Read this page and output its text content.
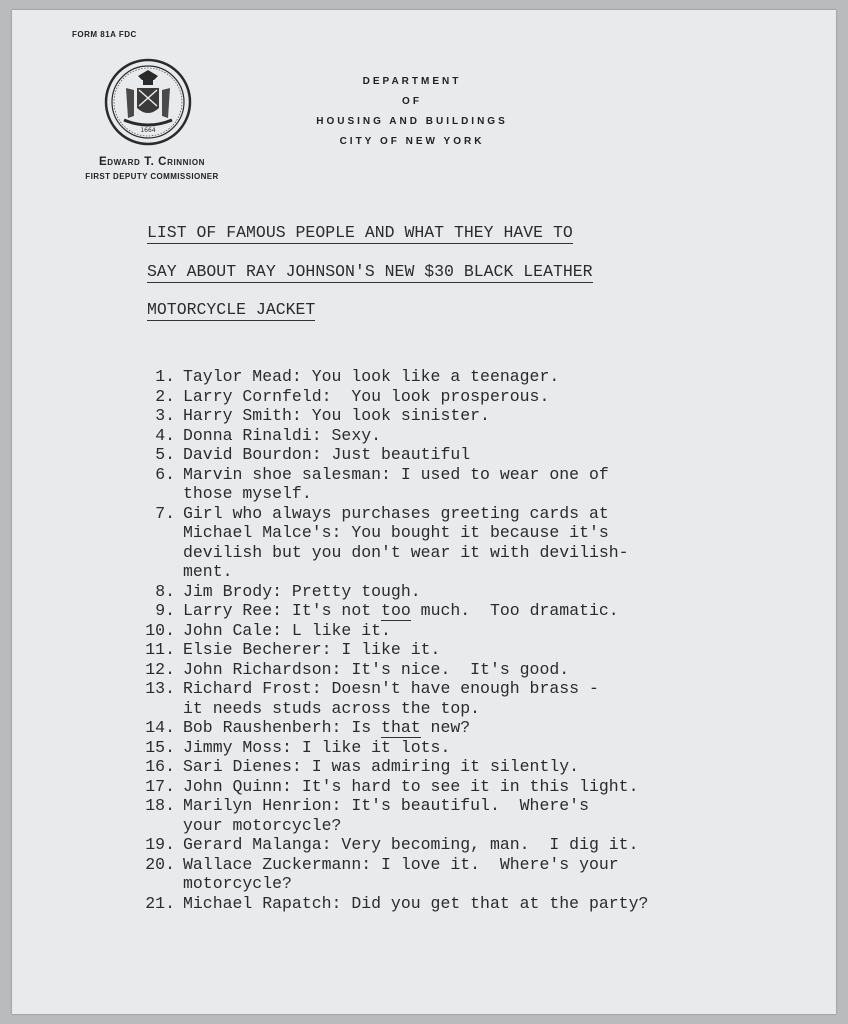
FORM 81A FDC
1664
DEPARTMENT
OF
HOUSING AND BUILDINGS
CITY OF NEW YORK
Edward T. Crinnion
FIRST DEPUTY COMMISSIONER
LIST OF FAMOUS PEOPLE AND WHAT THEY HAVE TO
SAY ABOUT RAY JOHNSON'S NEW $30 BLACK LEATHER
MOTORCYCLE JACKET
1. Taylor Mead: You look like a teenager.
2. Larry Cornfeld:  You look prosperous.
3. Harry Smith: You look sinister.
4. Donna Rinaldi: Sexy.
5. David Bourdon: Just beautiful
6. Marvin shoe salesman: I used to wear one of
those myself.
7. Girl who always purchases greeting cards at
Michael Malce's: You bought it because it's
devilish but you don't wear it with devilish-
ment.
8. Jim Brody: Pretty tough.
9. Larry Ree: It's not too much.  Too dramatic.
10. John Cale: L like it.
11. Elsie Becherer: I like it.
12. John Richardson: It's nice.  It's good.
13. Richard Frost: Doesn't have enough brass -
it needs studs across the top.
14. Bob Raushenberh: Is that new?
15. Jimmy Moss: I like it lots.
16. Sari Dienes: I was admiring it silently.
17. John Quinn: It's hard to see it in this light.
18. Marilyn Henrion: It's beautiful.  Where's
your motorcycle?
19. Gerard Malanga: Very becoming, man.  I dig it.
20. Wallace Zuckermann: I love it.  Where's your
motorcycle?
21. Michael Rapatch: Did you get that at the party?
